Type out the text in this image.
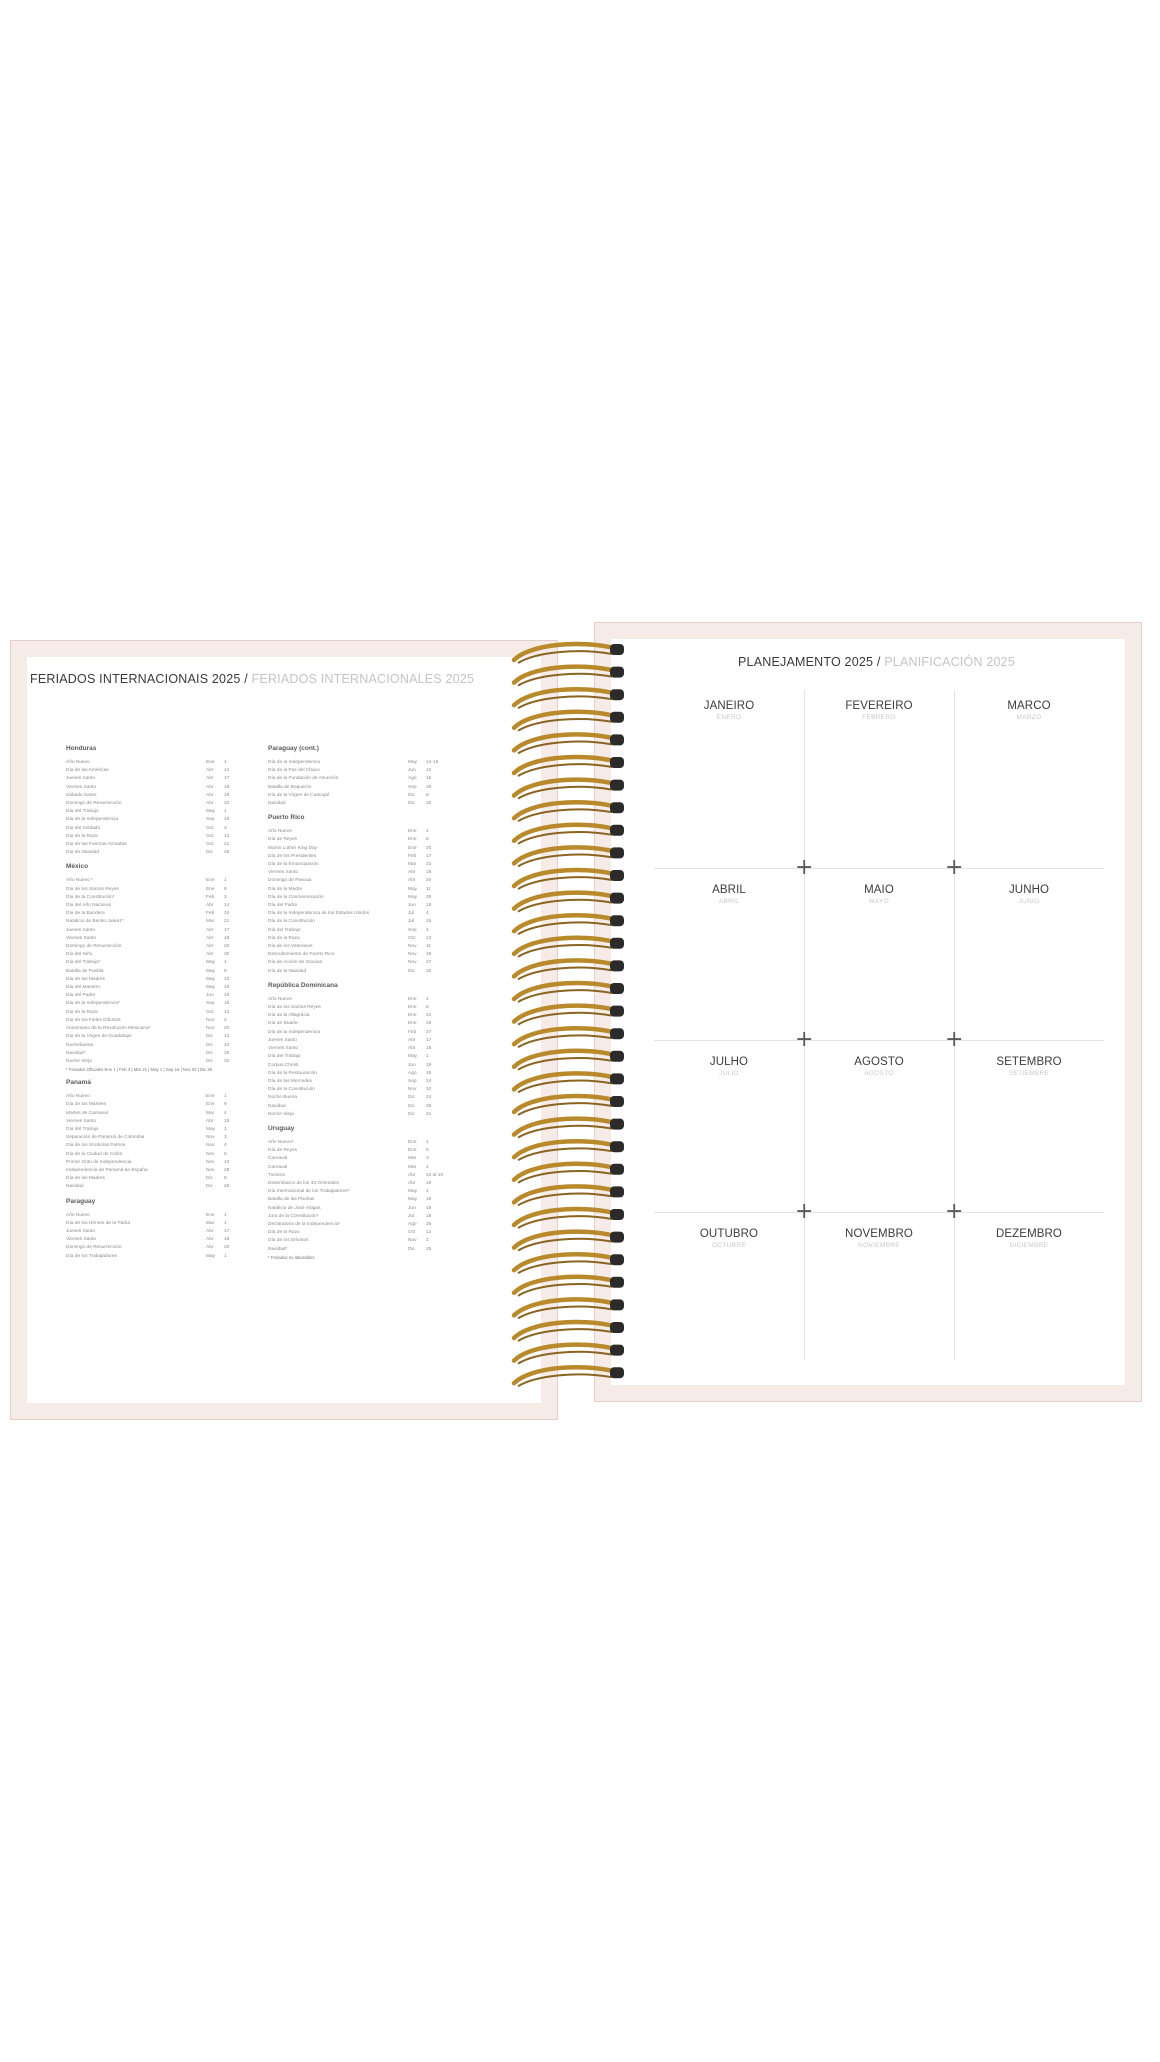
FERIADOS INTERNACIONAIS 2025 / FERIADOS INTERNACIONALES 2025
Honduras
Año Nuevo	Ene	1
Día de las Américas	Abr	14
Jueves Santo	Abr	17
Viernes Santo	Abr	18
Sábado Santo	Abr	19
Domingo de Resurrección	Abr	20
Día del Trabajo	May	1
Día de la Independencia	Sep	15
Día del Soldado	Oct	3
Día de la Raza	Oct	12
Día de las Fuerzas Armadas	Oct	21
Día de Navidad	Dic	25
México
Año Nuevo *	Ene	1
Día de los Santos Reyes	Ene	6
Día de la Constitución*	Feb	3
Día del Año Nacional	Abr	14
Día de la Bandera	Feb	24
Natalicio de Benito Juárez*	Mar	21
Jueves Santo	Abr	17
Viernes Santo	Abr	18
Domingo de Resurrección	Abr	20
Día del Niño	Abr	30
Día del Trabajo*	May	1
Batalla de Puebla	May	5
Día de las Madres	May	10
Día del Maestro	May	15
Día del Padre	Jun	15
Día de la Independencia*	Sep	16
Día de la Raza	Oct	12
Día de los Fieles Difuntos	Nov	2
Aniversario de la Revolución Mexicana*	Nov	20
Día de la Virgen de Guadalupe	Dic	12
Nochebuena	Dic	24
Navidad*	Dic	25
Noche Vieja	Dic	31
* Feriados Oficiales Ene 1 | Feb 3 | Mar 21 | May 1 | Sep 16 | Nov 20 | Dic 25
Panamá
Año Nuevo	Ene	1
Día de los Mártires	Ene	9
Martes de Carnaval	Mar	4
Viernes Santo	Abr	18
Día del Trabajo	May	1
Separación de Panamá de Colombia	Nov	3
Día de los Símbolos Patrios	Nov	4
Día de la Ciudad de Colón	Nov	5
Primer Grito de Independencia	Nov	10
Independencia de Panamá de España	Nov	28
Día de las Madres	Dic	8
Navidad	Dic	25
Paraguay
Año Nuevo	Ene	1
Día de los Héroes de la Patria	Mar	1
Jueves Santo	Abr	17
Viernes Santo	Abr	18
Domingo de Resurrección	Abr	20
Día de los Trabajadores	May	1
Paraguay (cont.)
Día de la Independencia	May	14-15
Día de la Paz del Chaco	Jun	12
Día de la Fundación de Asunción	Ago	15
Batalla de Boquerón	Sep	29
Día de la Virgen de Caacupé	Dic	8
Navidad	Dic	25
Puerto Rico
Año Nuevo	Ene	1
Día de Reyes	Ene	6
Martin Luther King Day	Ene	20
Día de los Presidentes	Feb	17
Día de la Emancipación	Mar	22
Viernes Santo	Abr	18
Domingo de Pascua	Abr	20
Día de la Madre	May	11
Día de la Conmemoración	May	26
Día del Padre	Jun	15
Día de la Independencia de los Estados Unidos	Jul	4
Día de la Constitución	Jul	25
Día del Trabajo	Sep	1
Día de la Raza	Oct	13
Día de los Veteranos	Nov	11
Descubrimiento de Puerto Rico	Nov	19
Día de Acción de Gracias	Nov	27
Día de la Navidad	Dic	25
República Dominicana
Año Nuevo	Ene	1
Día de los Santos Reyes	Ene	6
Día de la Altagracia	Ene	21
Día de Duarte	Ene	26
Día de la Independencia	Feb	27
Jueves Santo	Abr	17
Viernes Santo	Abr	18
Día del Trabajo	May	1
Corpus Christi	Jun	19
Día de la Restauración	Ago	16
Día de las Mercedes	Sep	24
Día de la Constitución	Nov	10
Noche Buena	Dic	24
Navidad	Dic	25
Noche Vieja	Dic	31
Uruguay
Año Nuevo*	Ene	1
Día de Reyes	Ene	6
Carnaval	Mar	3
Carnaval	Mar	4
Turismo	Abr	13 al 19
Desembarco de los 33 Orientales	Abr	19
Día Internacional de los Trabajadores*	May	1
Batalla de las Piedras	May	18
Natalicio de José Artigas	Jun	19
Jura de la Constitución*	Jul	18
Declaratoria de la Independencia*	Ago	25
Día de la Raza	Oct	12
Día de los Difuntos	Nov	2
Navidad*	Dic	25
* Feriados no laborables
PLANEJAMENTO 2025 / PLANIFICACIÓN 2025
+	+
+	+
+	+
JANEIRO
ENERO
FEVEREIRO
FEBRERO
MARCO
MARZO
ABRIL
ABRIL
MAIO
MAYO
JUNHO
JUNIO
JULHO
JULIO
AGOSTO
AGOSTO
SETEMBRO
SETIEMBRE
OUTUBRO
OCTUBRE
NOVEMBRO
NOVIEMBRE
DEZEMBRO
DICIEMBRE
